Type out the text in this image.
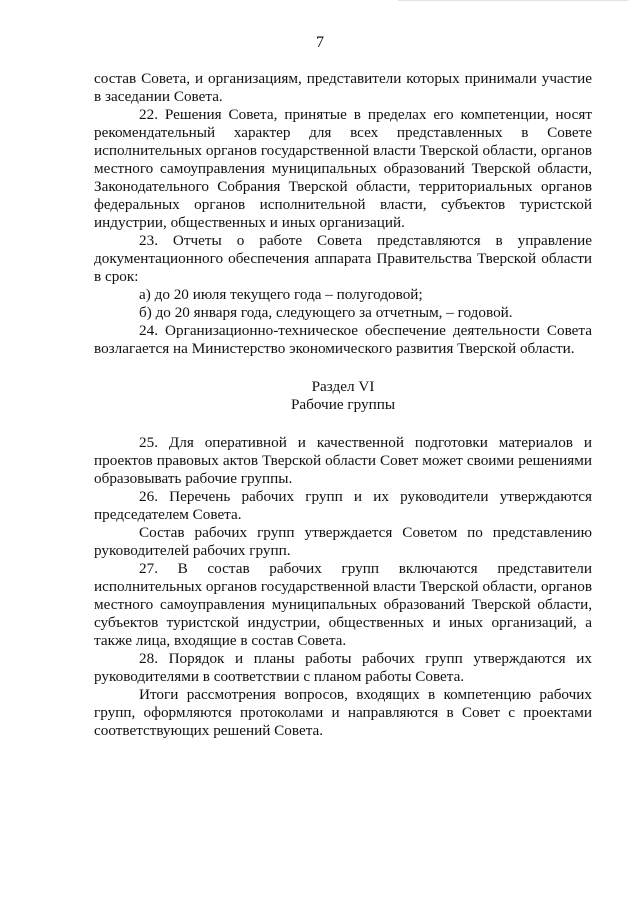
7

состав Совета, и организациям, представители которых принимали участие в заседании Совета.

22. Решения Совета, принятые в пределах его компетенции, носят рекомендательный характер для всех представленных в Совете исполнительных органов государственной власти Тверской области, органов местного самоуправления муниципальных образований Тверской области, Законодательного Собрания Тверской области, территориальных органов федеральных органов исполнительной власти, субъектов туристской индустрии, общественных и иных организаций.

23. Отчеты о работе Совета представляются в управление документационного обеспечения аппарата Правительства Тверской области в срок:

а) до 20 июля текущего года – полугодовой;

б) до 20 января года, следующего за отчетным, – годовой.

24. Организационно-техническое обеспечение деятельности Совета возлагается на Министерство экономического развития Тверской области.

Раздел VI

Рабочие группы

25. Для оперативной и качественной подготовки материалов и проектов правовых актов Тверской области Совет может своими решениями образовывать рабочие группы.

26. Перечень рабочих групп и их руководители утверждаются председателем Совета.

Состав рабочих групп утверждается Советом по представлению руководителей рабочих групп.

27. В состав рабочих групп включаются представители исполнительных органов государственной власти Тверской области, органов местного самоуправления муниципальных образований Тверской области, субъектов туристской индустрии, общественных и иных организаций, а также лица, входящие в состав Совета.

28. Порядок и планы работы рабочих групп утверждаются их руководителями в соответствии с планом работы Совета.

Итоги рассмотрения вопросов, входящих в компетенцию рабочих групп, оформляются протоколами и направляются в Совет с проектами соответствующих решений Совета.
